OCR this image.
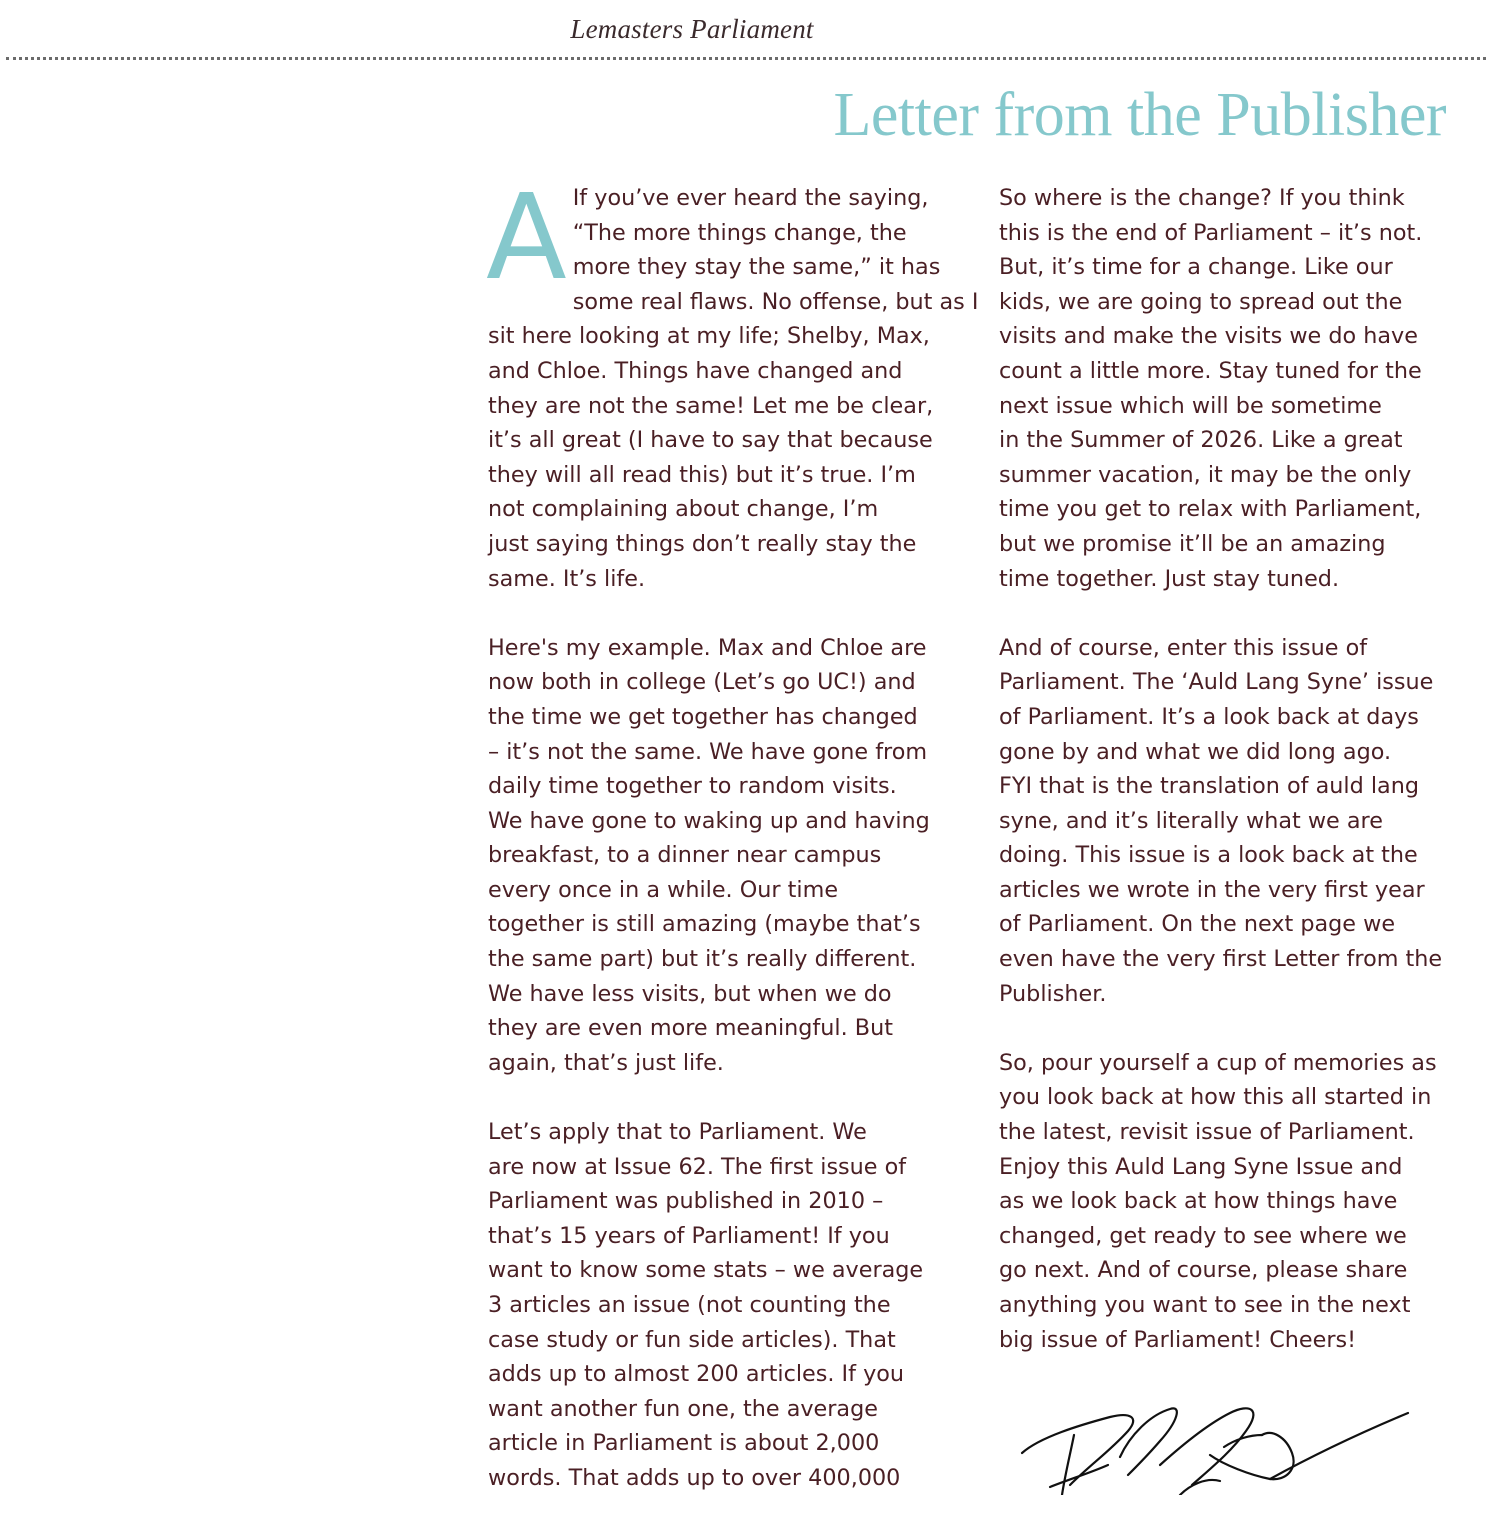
Lemasters Parliament
Letter from the Publisher
A If you’ve ever heard the saying,
“The more things change, the
more they stay the same,” it has
some real flaws. No offense, but as I
sit here looking at my life; Shelby, Max,
and Chloe. Things have changed and
they are not the same! Let me be clear,
it’s all great (I have to say that because
they will all read this) but it’s true. I’m
not complaining about change, I’m
just saying things don’t really stay the
same. It’s life.

Here's my example. Max and Chloe are
now both in college (Let’s go UC!) and
the time we get together has changed
– it’s not the same. We have gone from
daily time together to random visits.
We have gone to waking up and having
breakfast, to a dinner near campus
every once in a while. Our time
together is still amazing (maybe that’s
the same part) but it’s really different.
We have less visits, but when we do
they are even more meaningful. But
again, that’s just life.

Let’s apply that to Parliament. We
are now at Issue 62. The first issue of
Parliament was published in 2010 –
that’s 15 years of Parliament! If you
want to know some stats – we average
3 articles an issue (not counting the
case study or fun side articles). That
adds up to almost 200 articles. If you
want another fun one, the average
article in Parliament is about 2,000
words. That adds up to over 400,000

So where is the change? If you think
this is the end of Parliament – it’s not.
But, it’s time for a change. Like our
kids, we are going to spread out the
visits and make the visits we do have
count a little more. Stay tuned for the
next issue which will be sometime
in the Summer of 2026. Like a great
summer vacation, it may be the only
time you get to relax with Parliament,
but we promise it’ll be an amazing
time together. Just stay tuned.

And of course, enter this issue of
Parliament. The ‘Auld Lang Syne’ issue
of Parliament. It’s a look back at days
gone by and what we did long ago.
FYI that is the translation of auld lang
syne, and it’s literally what we are
doing. This issue is a look back at the
articles we wrote in the very first year
of Parliament. On the next page we
even have the very first Letter from the
Publisher.

So, pour yourself a cup of memories as
you look back at how this all started in
the latest, revisit issue of Parliament.
Enjoy this Auld Lang Syne Issue and
as we look back at how things have
changed, get ready to see where we
go next. And of course, please share
anything you want to see in the next
big issue of Parliament! Cheers!
